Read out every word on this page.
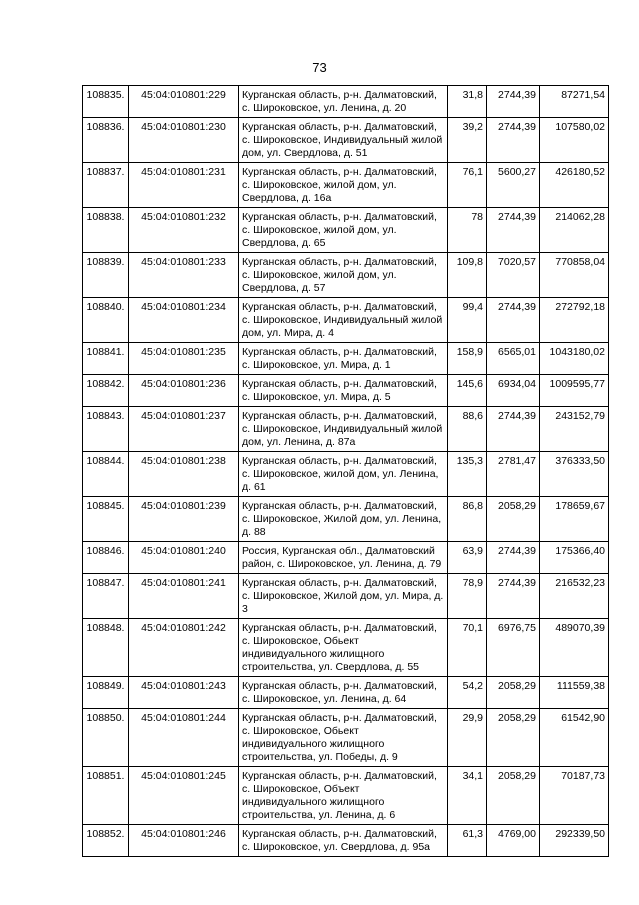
73
108835.	45:04:010801:229	Курганская область, р-н. Далматовский, с. Широковское, ул. Ленина, д. 20	31,8	2744,39	87271,54
108836.	45:04:010801:230	Курганская область, р-н. Далматовский, с. Широковское, Индивидуальный жилой дом, ул. Свердлова, д. 51	39,2	2744,39	107580,02
108837.	45:04:010801:231	Курганская область, р-н. Далматовский, с. Широковское, жилой дом, ул. Свердлова, д. 16а	76,1	5600,27	426180,52
108838.	45:04:010801:232	Курганская область, р-н. Далматовский, с. Широковское, жилой дом, ул. Свердлова, д. 65	78	2744,39	214062,28
108839.	45:04:010801:233	Курганская область, р-н. Далматовский, с. Широковское, жилой дом, ул. Свердлова, д. 57	109,8	7020,57	770858,04
108840.	45:04:010801:234	Курганская область, р-н. Далматовский, с. Широковское, Индивидуальный жилой дом, ул. Мира, д. 4	99,4	2744,39	272792,18
108841.	45:04:010801:235	Курганская область, р-н. Далматовский, с. Широковское, ул. Мира, д. 1	158,9	6565,01	1043180,02
108842.	45:04:010801:236	Курганская область, р-н. Далматовский, с. Широковское, ул. Мира, д. 5	145,6	6934,04	1009595,77
108843.	45:04:010801:237	Курганская область, р-н. Далматовский, с. Широковское, Индивидуальный жилой дом, ул. Ленина, д. 87а	88,6	2744,39	243152,79
108844.	45:04:010801:238	Курганская область, р-н. Далматовский, с. Широковское, жилой дом, ул. Ленина, д. 61	135,3	2781,47	376333,50
108845.	45:04:010801:239	Курганская область, р-н. Далматовский, с. Широковское, Жилой дом, ул. Ленина, д. 88	86,8	2058,29	178659,67
108846.	45:04:010801:240	Россия, Курганская обл., Далматовский район, с. Широковское, ул. Ленина, д. 79	63,9	2744,39	175366,40
108847.	45:04:010801:241	Курганская область, р-н. Далматовский, с. Широковское, Жилой дом, ул. Мира, д. 3	78,9	2744,39	216532,23
108848.	45:04:010801:242	Курганская область, р-н. Далматовский, с. Широковское, Обьект индивидуального жилищного строительства, ул. Свердлова, д. 55	70,1	6976,75	489070,39
108849.	45:04:010801:243	Курганская область, р-н. Далматовский, с. Широковское, ул. Ленина, д. 64	54,2	2058,29	111559,38
108850.	45:04:010801:244	Курганская область, р-н. Далматовский, с. Широковское, Обьект индивидуального жилищного строительства, ул. Победы, д. 9	29,9	2058,29	61542,90
108851.	45:04:010801:245	Курганская область, р-н. Далматовский, с. Широковское, Объект индивидуального жилищного строительства, ул. Ленина, д. 6	34,1	2058,29	70187,73
108852.	45:04:010801:246	Курганская область, р-н. Далматовский, с. Широковское, ул. Свердлова, д. 95а	61,3	4769,00	292339,50
